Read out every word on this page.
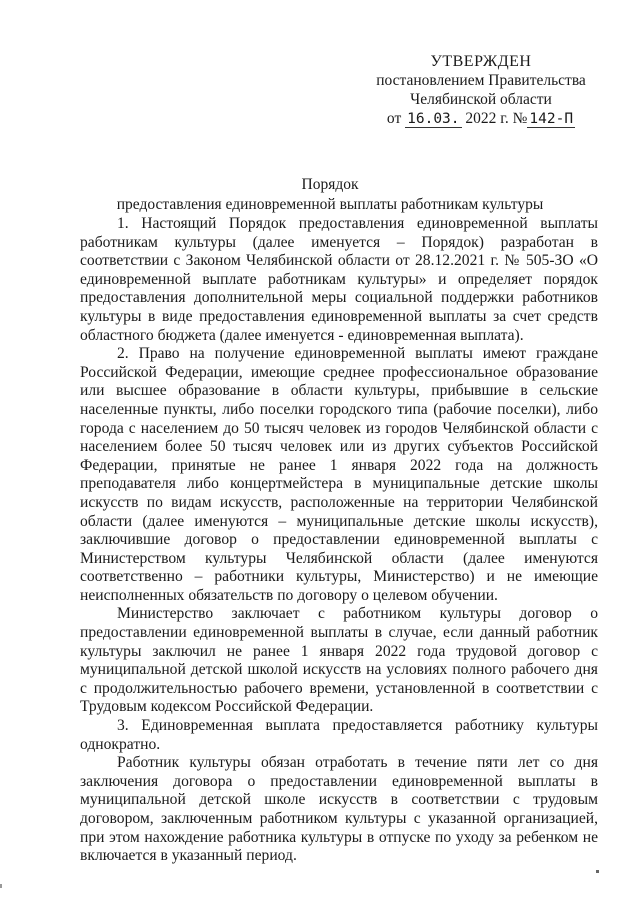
УТВЕРЖДЕН
постановлением Правительства
Челябинской области
от 16.03. 2022 г. № 142-П
Порядок
предоставления единовременной выплаты работникам культуры

1. Настоящий Порядок предоставления единовременной выплаты работникам культуры (далее именуется – Порядок) разработан в соответствии с Законом Челябинской области от 28.12.2021 г. № 505-ЗО «О единовременной выплате работникам культуры» и определяет порядок предоставления дополнительной меры социальной поддержки работников культуры в виде предоставления единовременной выплаты за счет средств областного бюджета (далее именуется - единовременная выплата).

2. Право на получение единовременной выплаты имеют граждане Российской Федерации, имеющие среднее профессиональное образование или высшее образование в области культуры, прибывшие в сельские населенные пункты, либо поселки городского типа (рабочие поселки), либо города с населением до 50 тысяч человек из городов Челябинской области с населением более 50 тысяч человек или из других субъектов Российской Федерации, принятые не ранее 1 января 2022 года на должность преподавателя либо концертмейстера в муниципальные детские школы искусств по видам искусств, расположенные на территории Челябинской области (далее именуются – муниципальные детские школы искусств), заключившие договор о предоставлении единовременной выплаты с Министерством культуры Челябинской области (далее именуются соответственно – работники культуры, Министерство) и не имеющие неисполненных обязательств по договору о целевом обучении.

Министерство заключает с работником культуры договор о предоставлении единовременной выплаты в случае, если данный работник культуры заключил не ранее 1 января 2022 года трудовой договор с муниципальной детской школой искусств на условиях полного рабочего дня с продолжительностью рабочего времени, установленной в соответствии с Трудовым кодексом Российской Федерации.

3. Единовременная выплата предоставляется работнику культуры однократно.

Работник культуры обязан отработать в течение пяти лет со дня заключения договора о предоставлении единовременной выплаты в муниципальной детской школе искусств в соответствии с трудовым договором, заключенным работником культуры с указанной организацией, при этом нахождение работника культуры в отпуске по уходу за ребенком не включается в указанный период.
